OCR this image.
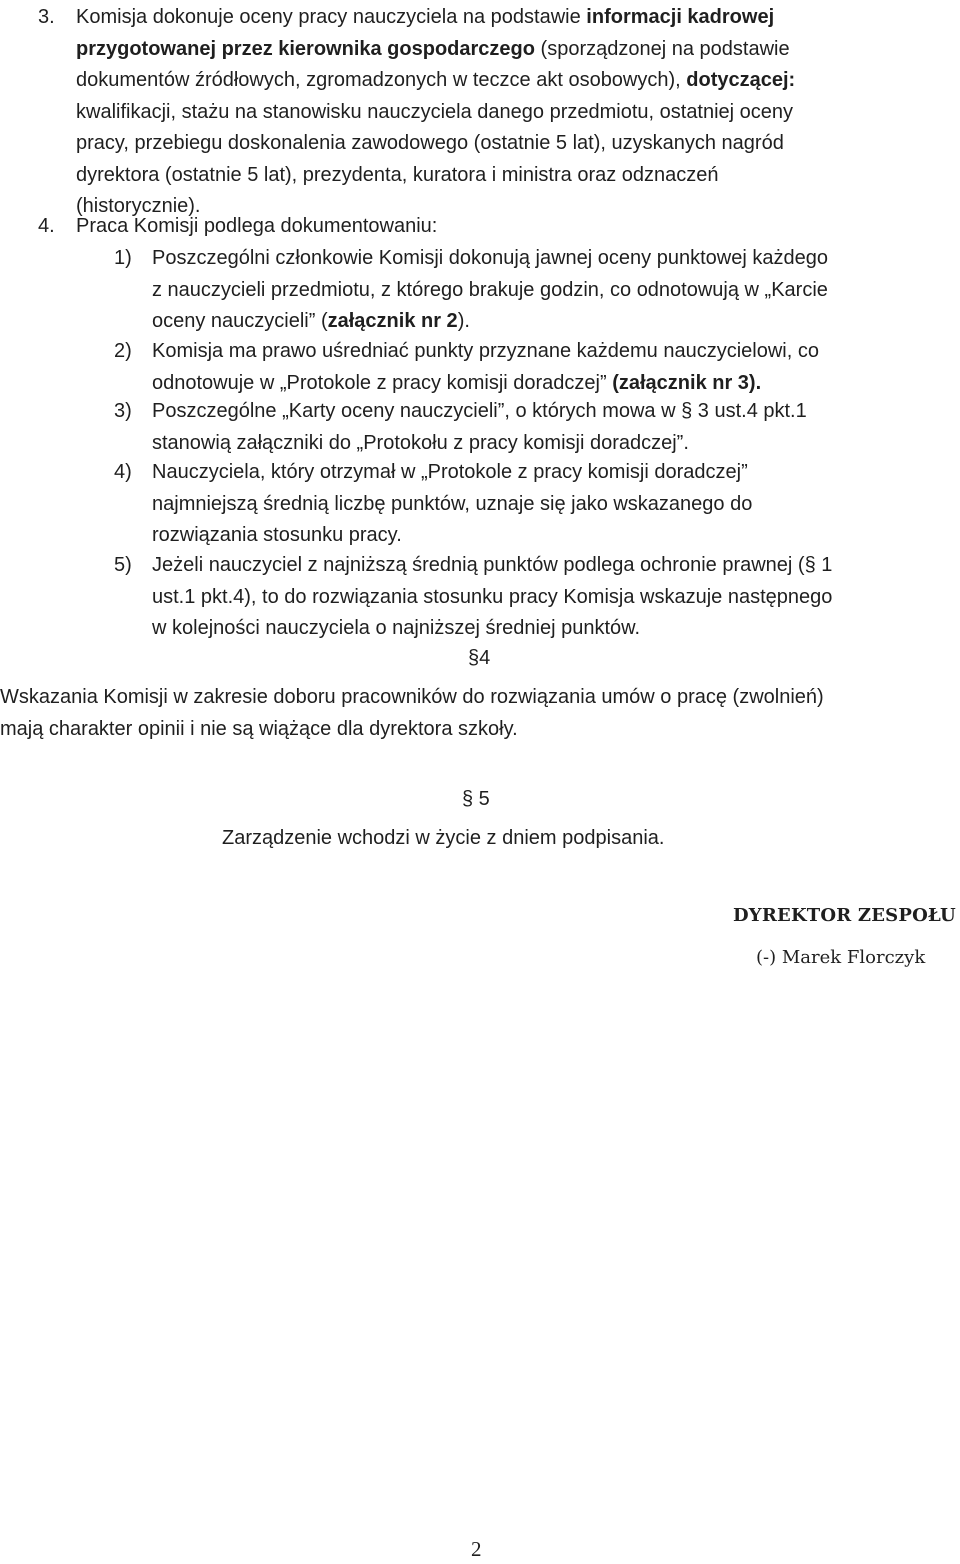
3. Komisja dokonuje oceny pracy nauczyciela na podstawie informacji kadrowej
przygotowanej przez kierownika gospodarczego (sporządzonej na podstawie
dokumentów źródłowych, zgromadzonych w teczce akt osobowych), dotyczącej:
kwalifikacji, stażu na stanowisku nauczyciela danego przedmiotu, ostatniej oceny
pracy, przebiegu doskonalenia zawodowego (ostatnie 5 lat), uzyskanych nagród
dyrektora (ostatnie 5 lat), prezydenta, kuratora i ministra oraz odznaczeń
(historycznie).
4. Praca Komisji podlega dokumentowaniu:
1) Poszczególni członkowie Komisji dokonują jawnej oceny punktowej każdego
z nauczycieli przedmiotu, z którego brakuje godzin, co odnotowują w „Karcie
oceny nauczycieli” (załącznik nr 2).
2) Komisja ma prawo uśredniać punkty przyznane każdemu nauczycielowi, co
odnotowuje w „Protokole z pracy komisji doradczej” (załącznik nr 3).
3) Poszczególne „Karty oceny nauczycieli”, o których mowa w § 3 ust.4 pkt.1
stanowią załączniki do „Protokołu z pracy komisji doradczej”.
4) Nauczyciela, który otrzymał w „Protokole z pracy komisji doradczej”
najmniejszą średnią liczbę punktów, uznaje się jako wskazanego do
rozwiązania stosunku pracy.
5) Jeżeli nauczyciel z najniższą średnią punktów podlega ochronie prawnej (§ 1
ust.1 pkt.4), to do rozwiązania stosunku pracy Komisja wskazuje następnego
w kolejności nauczyciela o najniższej średniej punktów.
§4
Wskazania Komisji w zakresie doboru pracowników do rozwiązania umów o pracę (zwolnień)
mają charakter opinii i nie są wiążące dla dyrektora szkoły.
§ 5
Zarządzenie wchodzi w życie z dniem podpisania.
DYREKTOR ZESPOŁU
(-) Marek Florczyk
2
